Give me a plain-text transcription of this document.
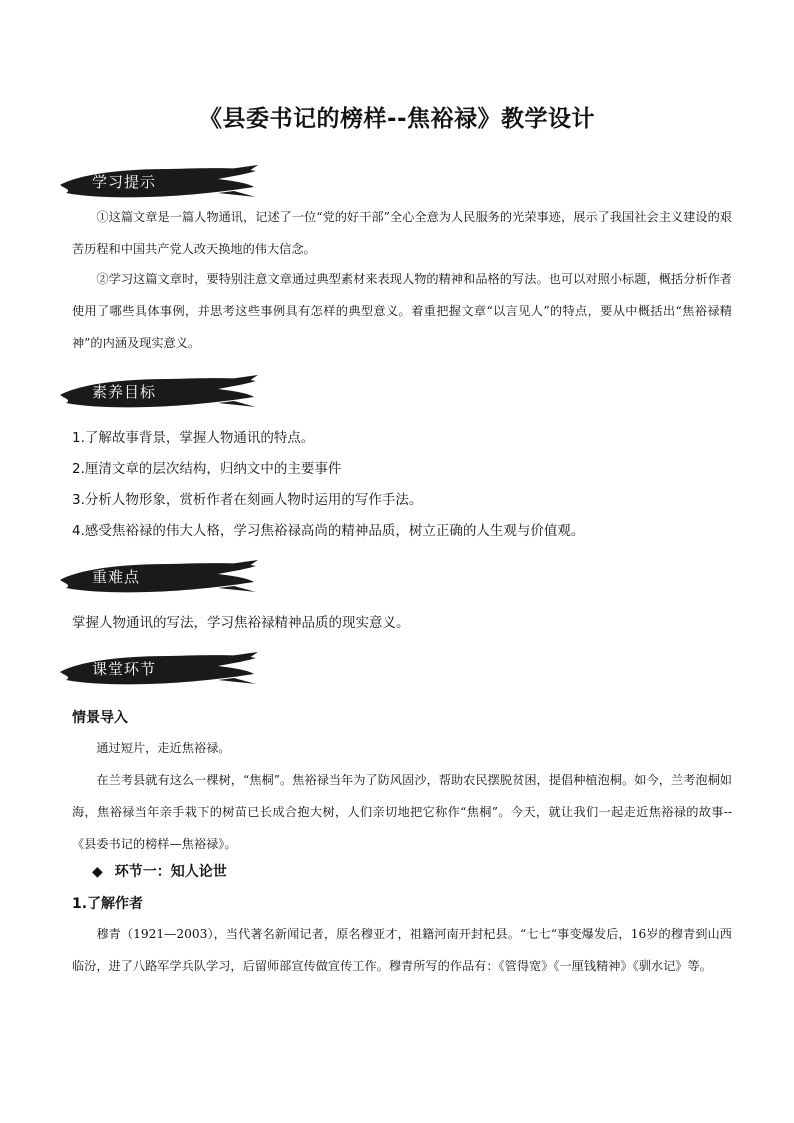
《县委书记的榜样--焦裕禄》教学设计
学习提示
①这篇文章是一篇人物通讯，记述了一位“党的好干部”全心全意为人民服务的光荣事迹，展示了我国社会主义建设的艰苦历程和中国共产党人改天换地的伟大信念。
②学习这篇文章时，要特别注意文章通过典型素材来表现人物的精神和品格的写法。也可以对照小标题，概括分析作者使用了哪些具体事例，并思考这些事例具有怎样的典型意义。着重把握文章“以言见人”的特点，要从中概括出“焦裕禄精神”的内涵及现实意义。
素养目标
1.了解故事背景，掌握人物通讯的特点。
2.厘清文章的层次结构，归纳文中的主要事件
3.分析人物形象，赏析作者在刻画人物时运用的写作手法。
4.感受焦裕禄的伟大人格，学习焦裕禄高尚的精神品质，树立正确的人生观与价值观。
重难点
掌握人物通讯的写法，学习焦裕禄精神品质的现实意义。
课堂环节
情景导入
通过短片，走近焦裕禄。
在兰考县就有这么一棵树，“焦桐”。焦裕禄当年为了防风固沙，帮助农民摆脱贫困，提倡种植泡桐。如今，兰考泡桐如海，焦裕禄当年亲手栽下的树苗已长成合抱大树，人们亲切地把它称作“焦桐”。今天，就让我们一起走近焦裕禄的故事--《县委书记的榜样—焦裕禄》。
◆ 环节一：知人论世
1.了解作者
穆青（1921—2003），当代著名新闻记者，原名穆亚才，祖籍河南开封杞县。“七七“事变爆发后，16岁的穆青到山西临汾，进了八路军学兵队学习，后留师部宣传做宣传工作。穆青所写的作品有：《管得宽》《一厘钱精神》《驯水记》等。
